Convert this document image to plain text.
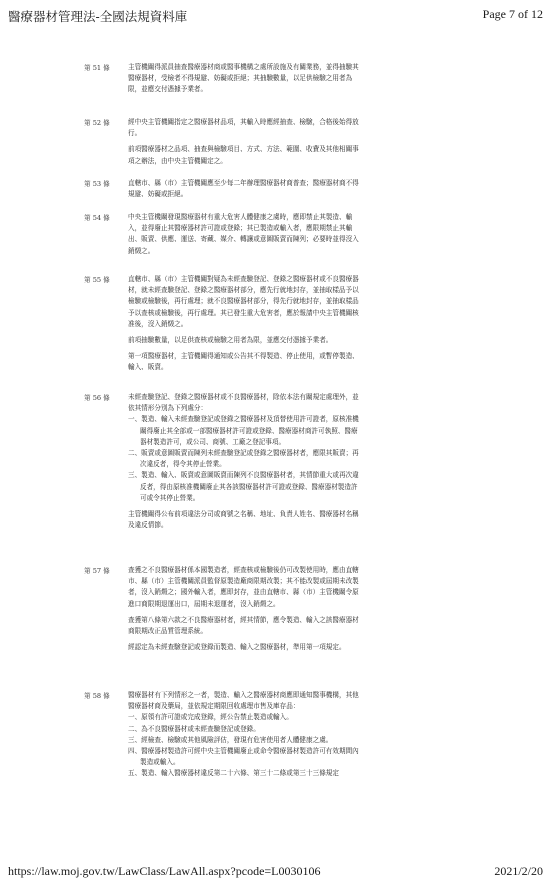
醫療器材管理法-全國法規資料庫	Page 7 of 12
第 51 條	主管機關得派員抽查醫療器材商或醫事機構之處所設施及有關業務，並得抽驗其醫療器材，受檢者不得規避、妨礙或拒絕；其抽驗數量，以足供檢驗之用者為限，並應交付憑據予業者。

第 52 條	經中央主管機關指定之醫療器材品項，其輸入時應經抽查、檢驗，合格後始得放行。

前項醫療器材之品項、抽查與檢驗項目、方式、方法、範圍、收費及其他相關事項之辦法，由中央主管機關定之。

第 53 條	直轄市、縣（市）主管機關應至少每二年辦理醫療器材商普查；醫療器材商不得規避、妨礙或拒絕。

第 54 條	中央主管機關發現醫療器材有重大危害人體健康之虞時，應即禁止其製造、輸入，並得廢止其醫療器材許可證或登錄；其已製造或輸入者，應限期禁止其輸出、販賣、供應、運送、寄藏、媒介、轉讓或意圖販賣而陳列；必要時並得沒入銷燬之。

第 55 條	直轄市、縣（市）主管機關對疑為未經查驗登記、登錄之醫療器材或不良醫療器材，就未經查驗登記、登錄之醫療器材部分，應先行就地封存，並抽取樣品予以檢驗或檢驗後，再行處理；就不良醫療器材部分，得先行就地封存，並抽取樣品予以查核或檢驗後，再行處理。其已發生重大危害者，應於報請中央主管機關核准後，沒入銷燬之。

前項抽驗數量，以足供查核或檢驗之用者為限，並應交付憑據予業者。

第一項醫療器材，主管機關得通知或公告其不得製造、停止使用，或暫停製造、輸入、販賣。

第 56 條	未經查驗登記、登錄之醫療器材或不良醫療器材，除依本法有關規定處理外，並依其情形分別為下列處分：

一、製造、輸入未經查驗登記或登錄之醫療器材及頂替使用許可證者，原核准機關得廢止其全部或一部醫療器材許可證或登錄、醫療器材商許可執照、醫療器材製造許可，或公司、商號、工廠之登記事項。

二、販賣或意圖販賣而陳列未經查驗登記或登錄之醫療器材者，應限其販賣；再次違反者，得令其停止營業。

三、製造、輸入、販賣或意圖販賣而陳列不良醫療器材者，其情節重大或再次違反者，得由原核准機關廢止其各該醫療器材許可證或登錄、醫療器材製造許可或令其停止營業。

主管機關得公布前項違法分司或商號之名稱、地址、負責人姓名、醫療器材名稱及違反情節。

第 57 條	查獲之不良醫療器材係本國製造者，經查核或檢驗後仍可改製使用時，應由直轄市、縣（市）主管機關派員監督原製造廠商限期改製；其不能改製或屆期未改製者，沒入銷燬之；國外輸入者，應即封存，並由直轄市、縣（市）主管機關令原進口商限期退運出口，屆期未退運者，沒入銷燬之。

查獲第八條第六款之不良醫療器材者，經其情節，應令製造、輸入之該醫療器材商限期改正品質管理系統。

經認定為未經查驗登記或登錄而製造、輸入之醫療器材，準用第一項規定。

第 58 條	醫療器材有下列情形之一者，製造、輸入之醫療器材商應即通知醫事機構，其他醫療器材商及藥局，並依規定期限回收處理市售及庫存品：

一、原領有許可證或完成登錄，經公告禁止製造或輸入。

二、為不良醫療器材或未經查驗登記或登錄。

三、經檢查、檢驗或其他風險評估，發現有危害使用者人體健康之虞。

四、醫療器材製造許可經中央主管機關廢止或命令醫療器材製造許可有效期間內製造或輸入。

五、製造、輸入醫療器材違反第二十六條、第三十二條或第三十三條規定

https://law.moj.gov.tw/LawClass/LawAll.aspx?pcode=L0030106	2021/2/20
